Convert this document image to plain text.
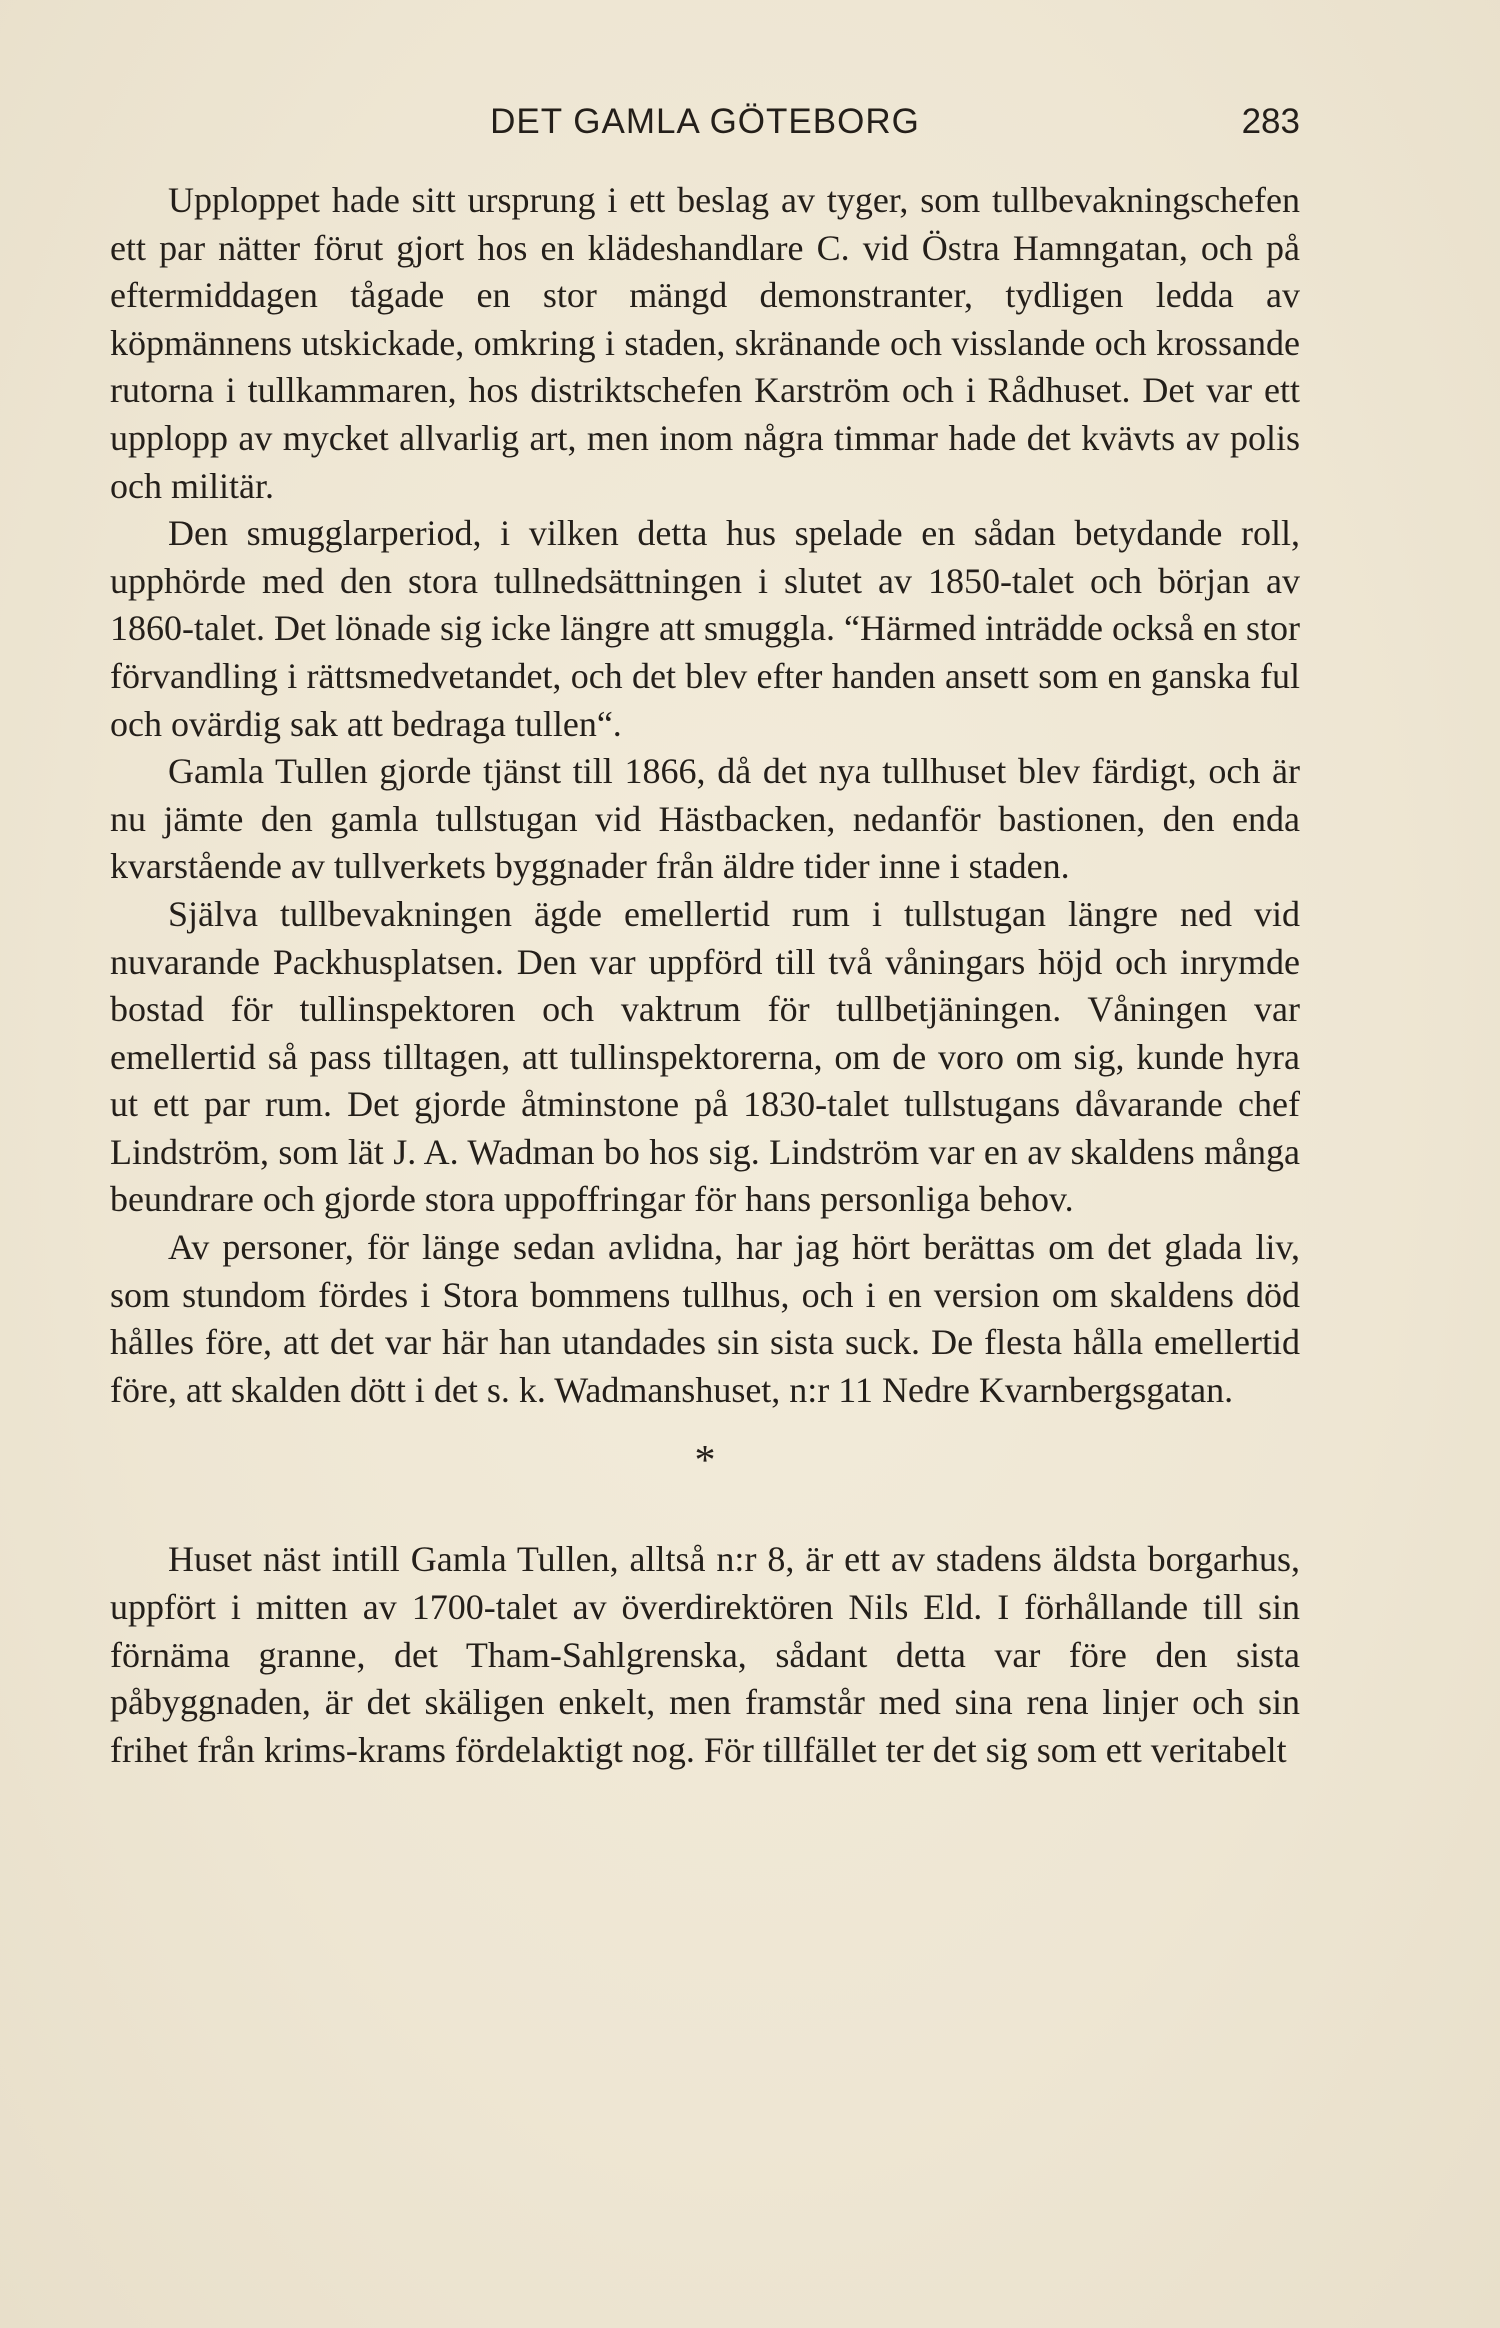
DET GAMLA GÖTEBORG	283

Upploppet hade sitt ursprung i ett beslag av tyger, som tullbevakningschefen ett par nätter förut gjort hos en klädeshandlare C. vid Östra Hamngatan, och på eftermiddagen tågade en stor mängd demonstranter, tydligen ledda av köpmännens utskickade, omkring i staden, skränande och visslande och krossande rutorna i tullkammaren, hos distriktschefen Karström och i Rådhuset. Det var ett upplopp av mycket allvarlig art, men inom några timmar hade det kvävts av polis och militär.

Den smugglarperiod, i vilken detta hus spelade en sådan betydande roll, upphörde med den stora tullnedsättningen i slutet av 1850-talet och början av 1860-talet. Det lönade sig icke längre att smuggla. “Härmed inträdde också en stor förvandling i rättsmedvetandet, och det blev efter handen ansett som en ganska ful och ovärdig sak att bedraga tullen“.

Gamla Tullen gjorde tjänst till 1866, då det nya tullhuset blev färdigt, och är nu jämte den gamla tullstugan vid Hästbacken, nedanför bastionen, den enda kvarstående av tullverkets byggnader från äldre tider inne i staden.

Själva tullbevakningen ägde emellertid rum i tullstugan längre ned vid nuvarande Packhusplatsen. Den var uppförd till två våningars höjd och inrymde bostad för tullinspektoren och vaktrum för tullbetjäningen. Våningen var emellertid så pass tilltagen, att tullinspektorerna, om de voro om sig, kunde hyra ut ett par rum. Det gjorde åtminstone på 1830-talet tullstugans dåvarande chef Lindström, som lät J. A. Wadman bo hos sig. Lindström var en av skaldens många beundrare och gjorde stora uppoffringar för hans personliga behov.

Av personer, för länge sedan avlidna, har jag hört berättas om det glada liv, som stundom fördes i Stora bommens tullhus, och i en version om skaldens död hålles före, att det var här han utandades sin sista suck. De flesta hålla emellertid före, att skalden dött i det s. k. Wadmanshuset, n:r 11 Nedre Kvarnbergsgatan.

*

Huset näst intill Gamla Tullen, alltså n:r 8, är ett av stadens äldsta borgarhus, uppfört i mitten av 1700-talet av överdirektören Nils Eld. I förhållande till sin förnäma granne, det Tham-Sahlgrenska, sådant detta var före den sista påbyggnaden, är det skäligen enkelt, men framstår med sina rena linjer och sin frihet från krims-krams fördelaktigt nog. För tillfället ter det sig som ett veritabelt
